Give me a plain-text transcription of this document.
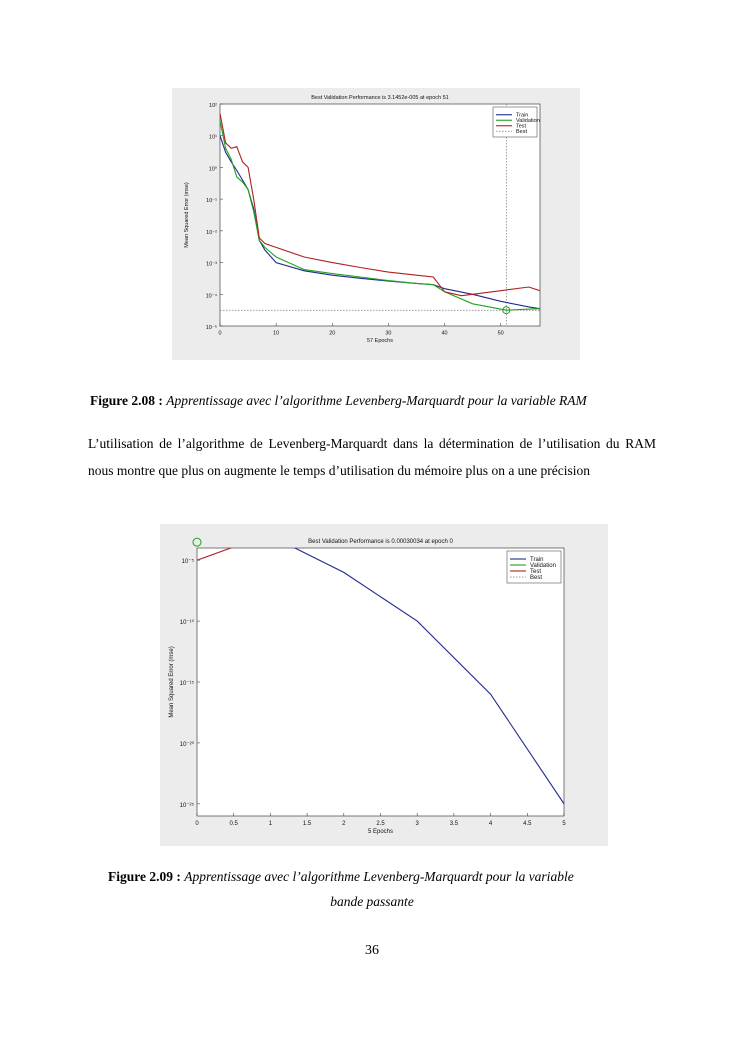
Best Validation Performance is 3.1452e-005 at epoch 51
0	10	20	30	40	50
57 Epochs
10²
10¹
10⁰
10⁻¹
10⁻²
10⁻³
10⁻⁴
10⁻⁵
Mean Squared Error (mse)
Train
Validation
Test
Best
Figure 2.08 : Apprentissage avec l’algorithme Levenberg-Marquardt pour la variable RAM
L’utilisation de l’algorithme de Levenberg-Marquardt dans la détermination de l’utilisation du RAM nous montre que plus on augmente le temps d’utilisation du mémoire plus on a une précision
Best Validation Performance is 0.00030034 at epoch 0
0	0.5	1	1.5	2	2.5	3	3.5	4	4.5	5
5 Epochs
10⁻⁵
10⁻¹⁰
10⁻¹⁵
10⁻²⁰
10⁻²⁵
Mean Squared Error (mse)
Train
Validation
Test
Best
Figure 2.09 : Apprentissage avec l’algorithme Levenberg-Marquardt pour la variable
bande passante
36
